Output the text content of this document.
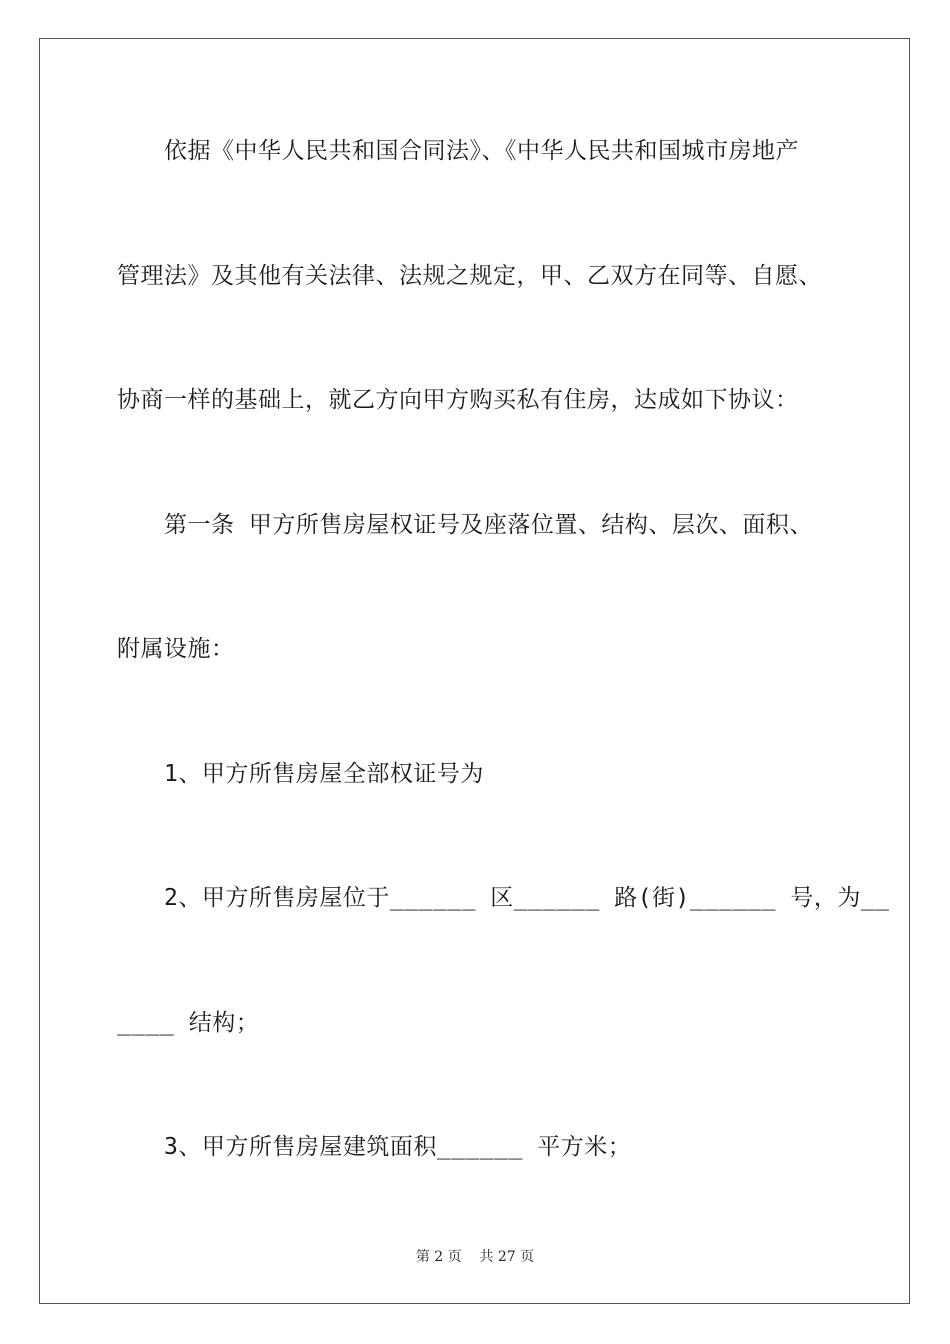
依据《中华人民共和国合同法》、《中华人民共和国城市房地产
管理法》及其他有关法律、法规之规定，甲、乙双方在同等、自愿、
协商一样的基础上，就乙方向甲方购买私有住房，达成如下协议：
第一条 甲方所售房屋权证号及座落位置、结构、层次、面积、
附属设施：
1、甲方所售房屋全部权证号为
2、甲方所售房屋位于______ 区______ 路(街)______ 号，为__
____ 结构；
3、甲方所售房屋建筑面积______ 平方米；
第 2 页    共 27 页
